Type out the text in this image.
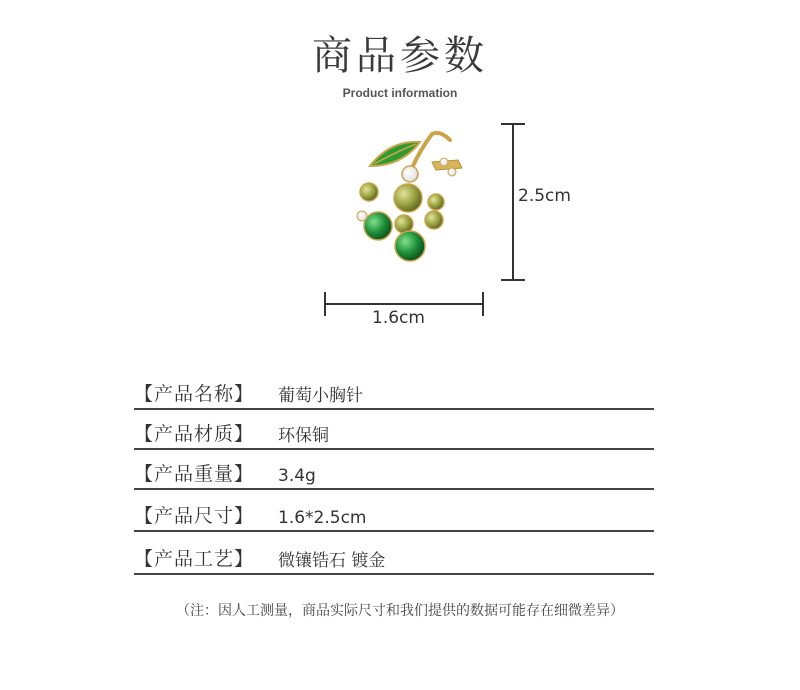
商品参数
Product information
2.5cm
1.6cm
【产品名称】 葡萄小胸针
【产品材质】 环保铜
【产品重量】 3.4g
【产品尺寸】 1.6*2.5cm
【产品工艺】 微镶锆石 镀金
（注：因人工测量，商品实际尺寸和我们提供的数据可能存在细微差异）
